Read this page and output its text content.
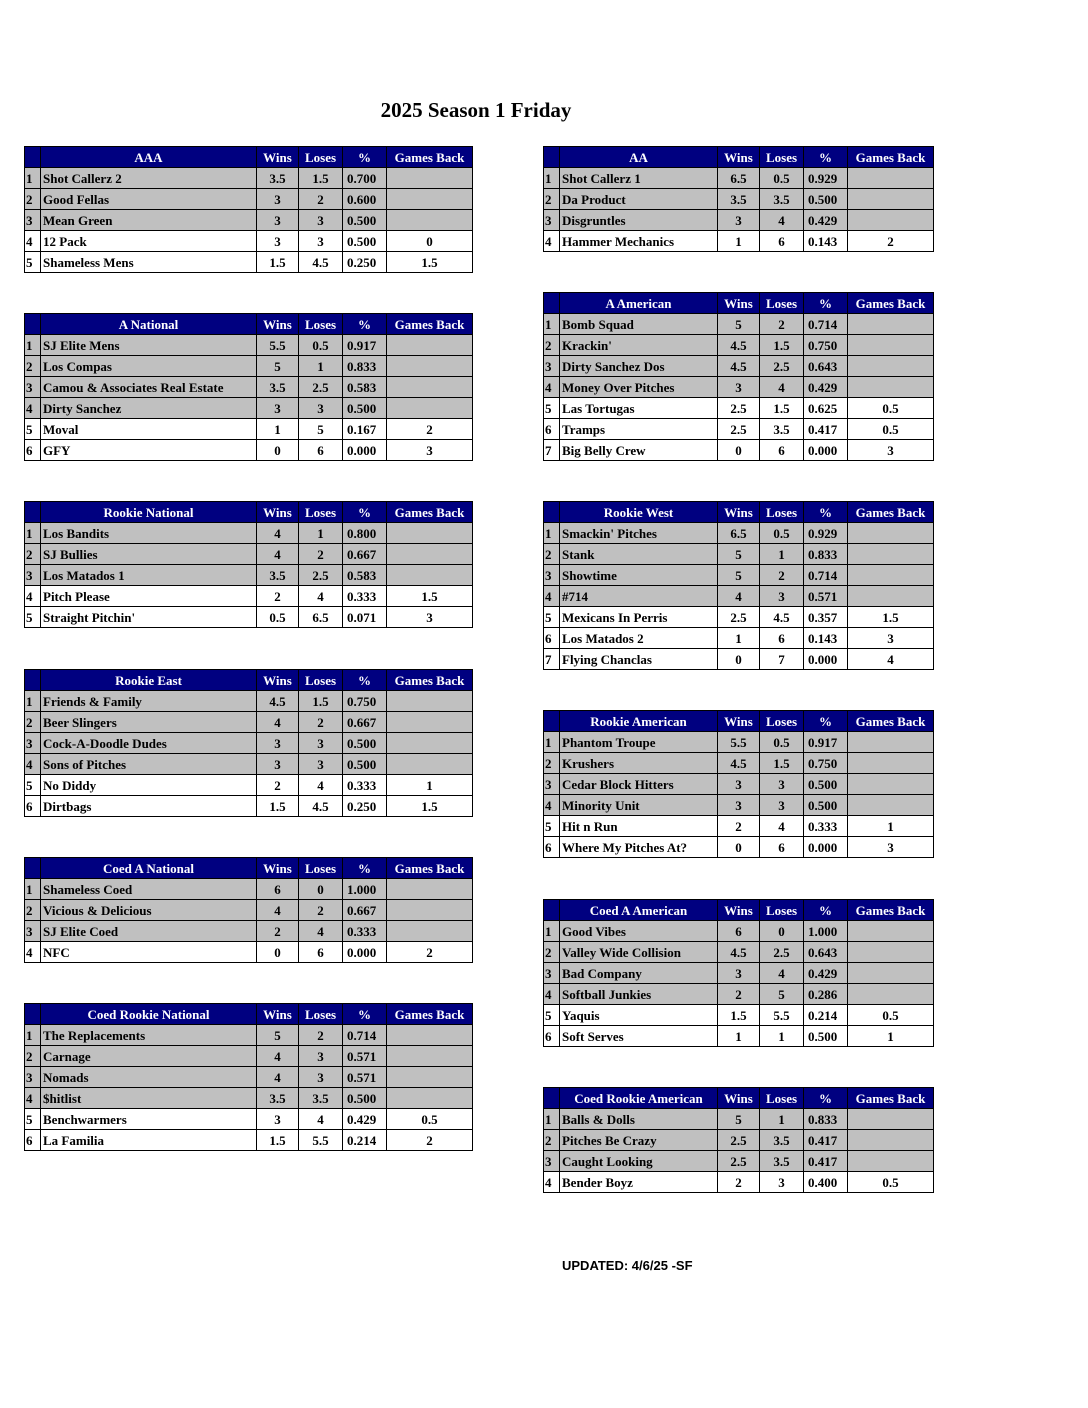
2025 Season 1 Friday
	AAA	Wins	Loses	%	Games Back
1	Shot Callerz 2	3.5	1.5	0.700	
2	Good Fellas	3	2	0.600	
3	Mean Green	3	3	0.500	
4	12 Pack	3	3	0.500	0
5	Shameless Mens	1.5	4.5	0.250	1.5
	AA	Wins	Loses	%	Games Back
1	Shot Callerz 1	6.5	0.5	0.929	
2	Da Product	3.5	3.5	0.500	
3	Disgruntles	3	4	0.429	
4	Hammer Mechanics	1	6	0.143	2
	A National	Wins	Loses	%	Games Back
1	SJ Elite Mens	5.5	0.5	0.917	
2	Los Compas	5	1	0.833	
3	Camou & Associates Real Estate	3.5	2.5	0.583	
4	Dirty Sanchez	3	3	0.500	
5	Moval	1	5	0.167	2
6	GFY	0	6	0.000	3
	A American	Wins	Loses	%	Games Back
1	Bomb Squad	5	2	0.714	
2	Krackin'	4.5	1.5	0.750	
3	Dirty Sanchez Dos	4.5	2.5	0.643	
4	Money Over Pitches	3	4	0.429	
5	Las Tortugas	2.5	1.5	0.625	0.5
6	Tramps	2.5	3.5	0.417	0.5
7	Big Belly Crew	0	6	0.000	3
	Rookie National	Wins	Loses	%	Games Back
1	Los Bandits	4	1	0.800	
2	SJ Bullies	4	2	0.667	
3	Los Matados 1	3.5	2.5	0.583	
4	Pitch Please	2	4	0.333	1.5
5	Straight Pitchin'	0.5	6.5	0.071	3
	Rookie West	Wins	Loses	%	Games Back
1	Smackin' Pitches	6.5	0.5	0.929	
2	Stank	5	1	0.833	
3	Showtime	5	2	0.714	
4	#714	4	3	0.571	
5	Mexicans In Perris	2.5	4.5	0.357	1.5
6	Los Matados 2	1	6	0.143	3
7	Flying Chanclas	0	7	0.000	4
	Rookie East	Wins	Loses	%	Games Back
1	Friends & Family	4.5	1.5	0.750	
2	Beer Slingers	4	2	0.667	
3	Cock-A-Doodle Dudes	3	3	0.500	
4	Sons of Pitches	3	3	0.500	
5	No Diddy	2	4	0.333	1
6	Dirtbags	1.5	4.5	0.250	1.5
	Rookie American	Wins	Loses	%	Games Back
1	Phantom Troupe	5.5	0.5	0.917	
2	Krushers	4.5	1.5	0.750	
3	Cedar Block Hitters	3	3	0.500	
4	Minority Unit	3	3	0.500	
5	Hit n Run	2	4	0.333	1
6	Where My Pitches At?	0	6	0.000	3
	Coed A National	Wins	Loses	%	Games Back
1	Shameless Coed	6	0	1.000	
2	Vicious & Delicious	4	2	0.667	
3	SJ Elite Coed	2	4	0.333	
4	NFC	0	6	0.000	2
	Coed A American	Wins	Loses	%	Games Back
1	Good Vibes	6	0	1.000	
2	Valley Wide Collision	4.5	2.5	0.643	
3	Bad Company	3	4	0.429	
4	Softball Junkies	2	5	0.286	
5	Yaquis	1.5	5.5	0.214	0.5
6	Soft Serves	1	1	0.500	1
	Coed Rookie National	Wins	Loses	%	Games Back
1	The Replacements	5	2	0.714	
2	Carnage	4	3	0.571	
3	Nomads	4	3	0.571	
4	$hitlist	3.5	3.5	0.500	
5	Benchwarmers	3	4	0.429	0.5
6	La Familia	1.5	5.5	0.214	2
	Coed Rookie American	Wins	Loses	%	Games Back
1	Balls & Dolls	5	1	0.833	
2	Pitches Be Crazy	2.5	3.5	0.417	
3	Caught Looking	2.5	3.5	0.417	
4	Bender Boyz	2	3	0.400	0.5
UPDATED: 4/6/25 -SF
